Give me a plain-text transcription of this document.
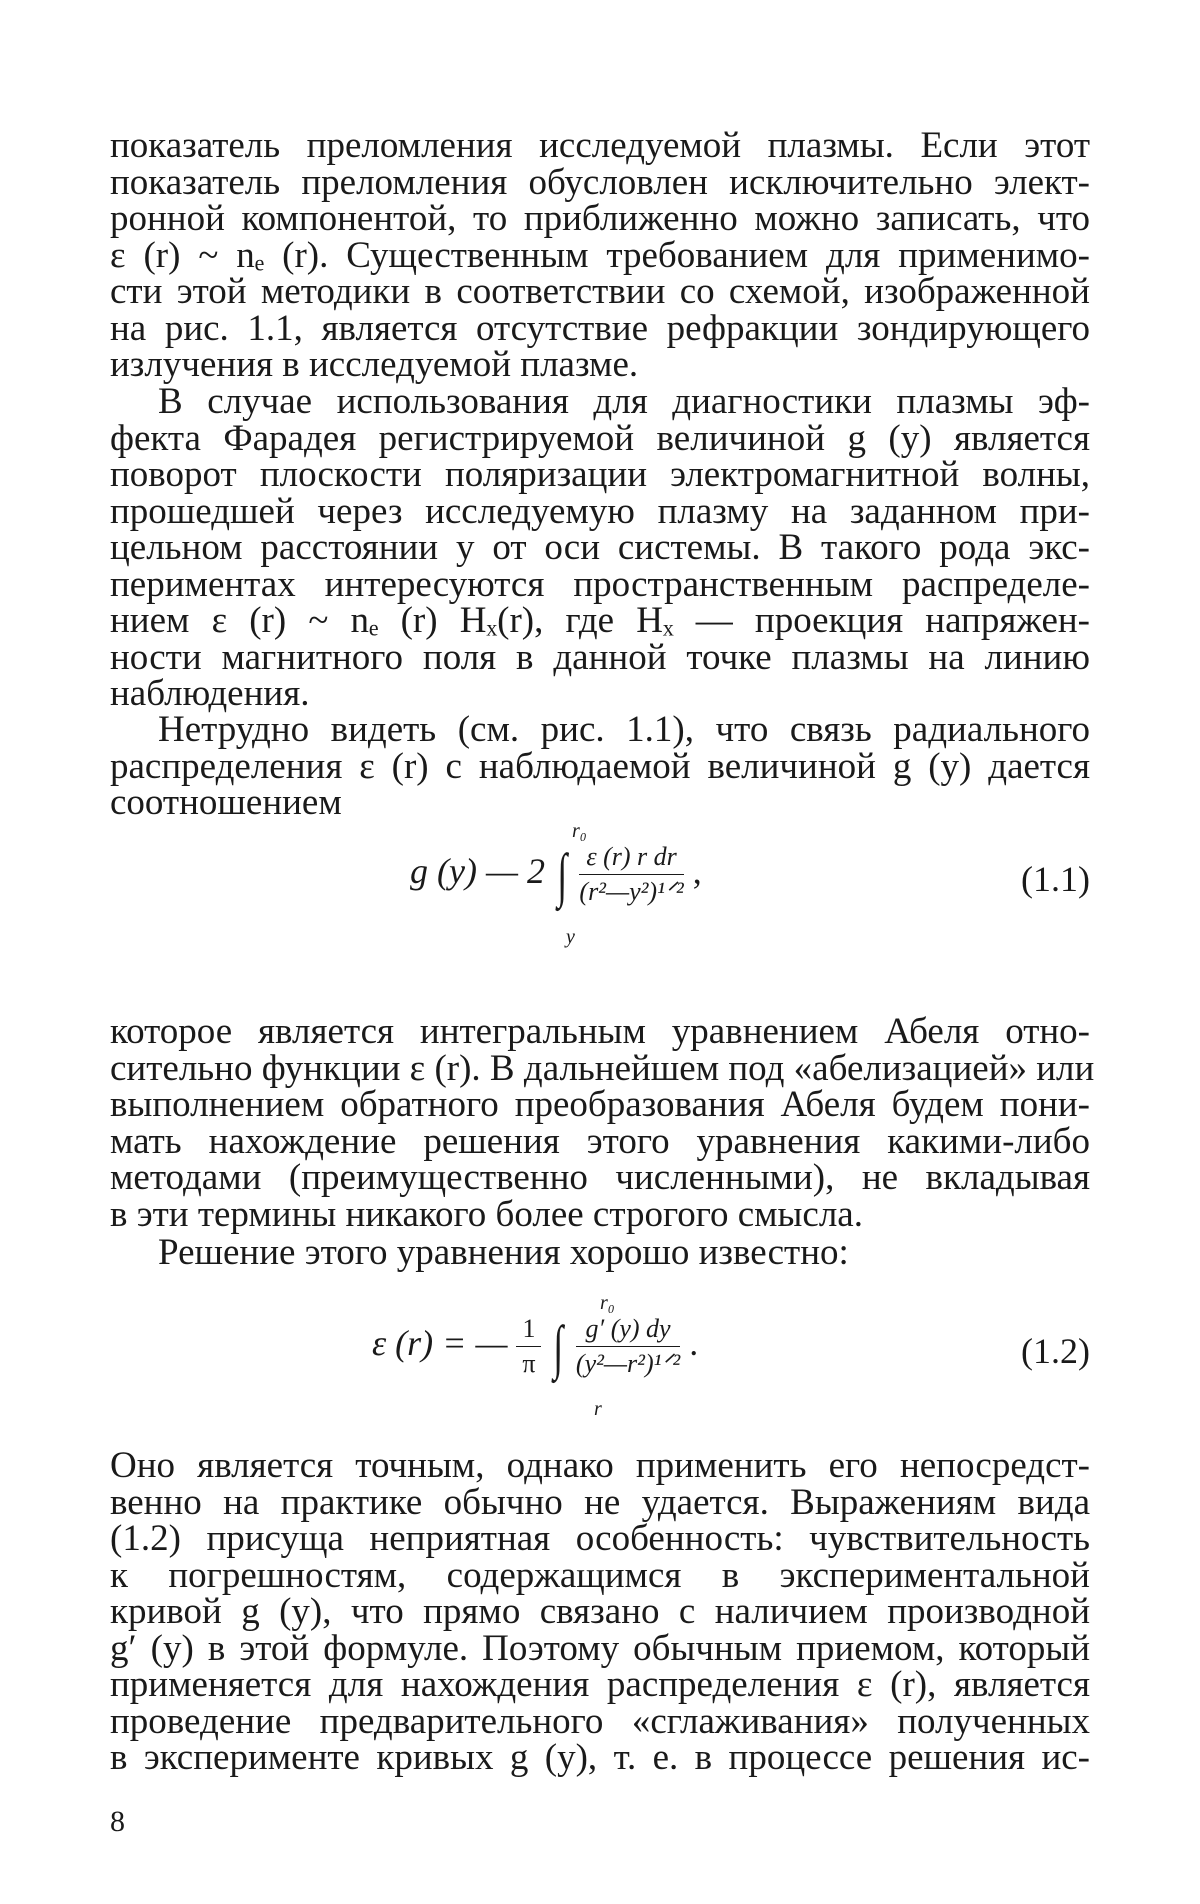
показатель преломления исследуемой плазмы. Если этот
показатель преломления обусловлен исключительно элект-
ронной компонентой, то приближенно можно записать, что
ε (r) ~ nₑ (r). Существенным требованием для применимо-
сти этой методики в соответствии со схемой, изображенной
на рис. 1.1, является отсутствие рефракции зондирующего
излучения в исследуемой плазме.
В случае использования для диагностики плазмы эф-
фекта Фарадея регистрируемой величиной g (y) является
поворот плоскости поляризации электромагнитной волны,
прошедшей через исследуемую плазму на заданном при-
цельном расстоянии y от оси системы. В такого рода экс-
периментах интересуются пространственным распределе-
нием ε (r) ~ nₑ (r) Hₓ(r), где Hₓ — проекция напряжен-
ности магнитного поля в данной точке плазмы на линию
наблюдения.
Нетрудно видеть (см. рис. 1.1), что связь радиального
распределения ε (r) с наблюдаемой величиной g (y) дается
соотношением
g (y) — 2 ∫ $\frac{\text{ε (r) r dr}}{\text{(r²—y²)¹ᐟ²}}$ ,
r₀
y
(1.1)
которое является интегральным уравнением Абеля отно-
сительно функции ε (r). В дальнейшем под «абелизацией» или
выполнением обратного преобразования Абеля будем пони-
мать нахождение решения этого уравнения какими-либо
методами (преимущественно численными), не вкладывая
в эти термины никакого более строгого смысла.
Решение этого уравнения хорошо известно:
ε (r) = — $\frac{1}{\pi}$ ∫ $\frac{g' (y) dy}{\text{(y²—r²)¹ᐟ²}}$ .
r₀
r
(1.2)
Оно является точным, однако применить его непосредст-
венно на практике обычно не удается. Выражениям вида
(1.2) присуща неприятная особенность: чувствительность
к погрешностям, содержащимся в экспериментальной
кривой g (y), что прямо связано с наличием производной
g′ (y) в этой формуле. Поэтому обычным приемом, который
применяется для нахождения распределения ε (r), является
проведение предварительного «сглаживания» полученных
в эксперименте кривых g (y), т. е. в процессе решения ис-
8
